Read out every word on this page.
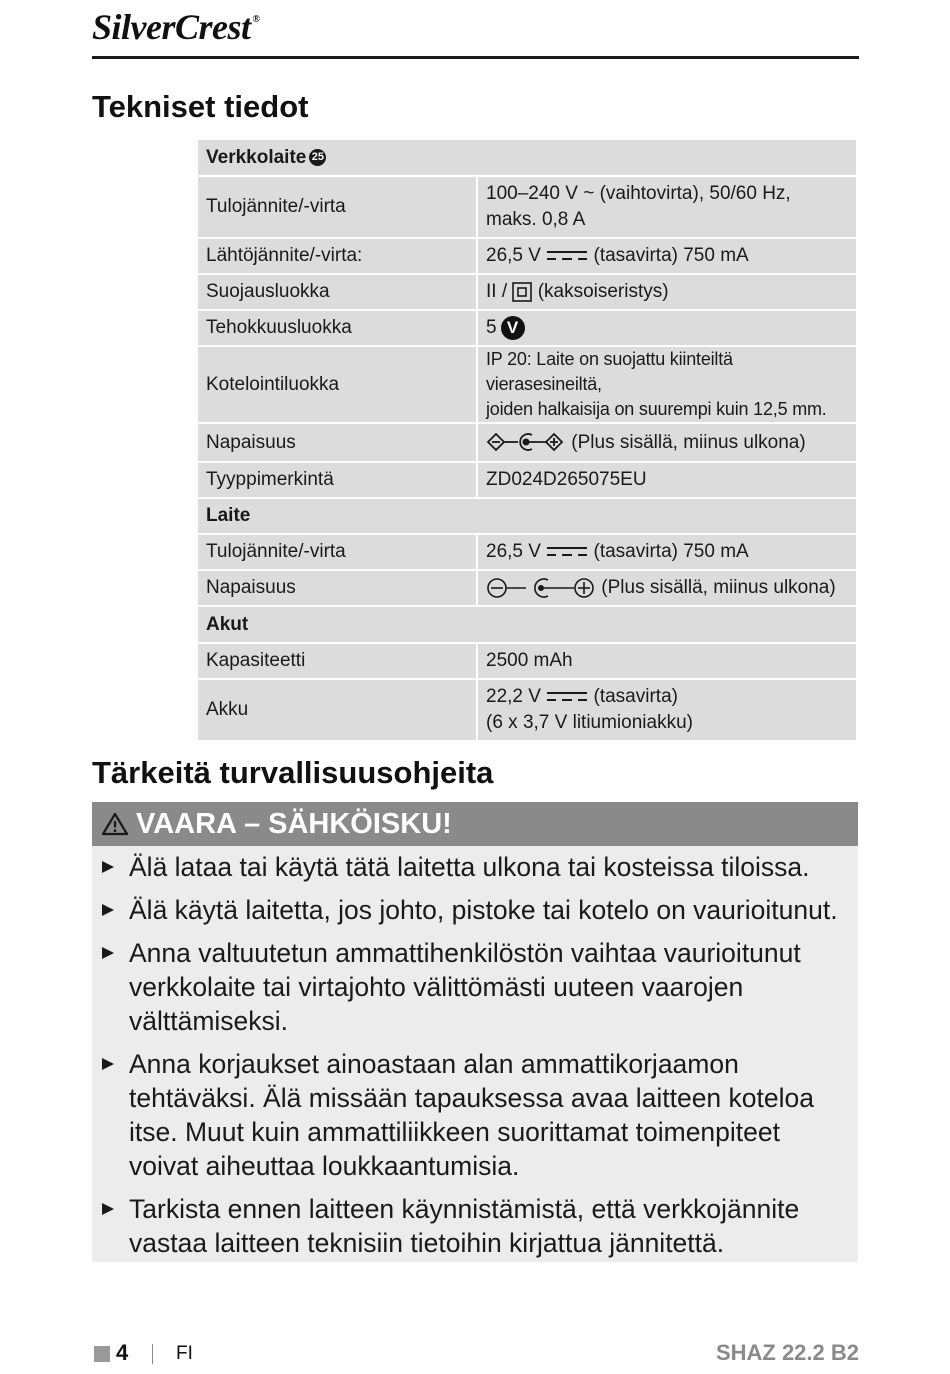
SilverCrest ®
Tekniset tiedot
Verkkolaite 25	
Tulojännite/-virta	100–240 V ~ (vaihtovirta), 50/60 Hz,
maks. 0,8 A

Lähtöjännite/-virta:	26,5 V (tasavirta) 750 mA
Suojausluokka	II / (kaksoiseristys)
Tehokkuusluokka	5 V
Kotelointiluokka	IP 20: Laite on suojattu kiinteiltä vierasesineiltä,
joiden halkaisija on suurempi kuin 12,5 mm.

Napaisuus	(Plus sisällä, miinus ulkona)
Tyyppimerkintä	ZD024D265075EU
Laite	
Tulojännite/-virta	26,5 V (tasavirta) 750 mA
Napaisuus	(Plus sisällä, miinus ulkona)
Akut	
Kapasiteetti	2500 mAh
Akku	22,2 V (tasavirta)
(6 x 3,7 V litiumioniakku)
Tärkeitä turvallisuusohjeita
VAARA – SÄHKÖISKU!
Älä lataa tai käytä tätä laitetta ulkona tai kosteissa tiloissa.
Älä käytä laitetta, jos johto, pistoke tai kotelo on vaurioitunut.
Anna valtuutetun ammattihenkilöstön vaihtaa vaurioitunut verkkolaite tai virtajohto välittömästi uuteen vaarojen välttämiseksi.
Anna korjaukset ainoastaan alan ammattikorjaamon tehtäväksi. Älä missään tapauksessa avaa laitteen koteloa itse. Muut kuin ammattiliikkeen suorittamat toimenpiteet voivat aiheuttaa loukkaantumisia.
Tarkista ennen laitteen käynnistämistä, että verkkojännite vastaa laitteen teknisiin tietoihin kirjattua jännitettä.
4	FI	SHAZ 22.2 B2
